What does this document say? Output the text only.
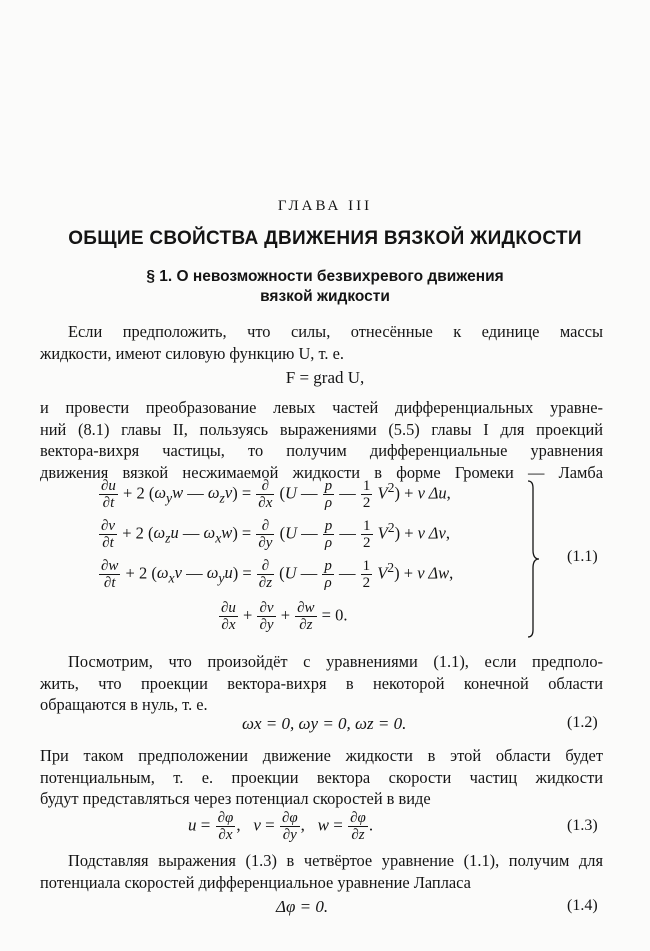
ГЛАВА III
ОБЩИЕ СВОЙСТВА ДВИЖЕНИЯ ВЯЗКОЙ ЖИДКОСТИ
§ 1. О невозможности безвихревого движения
вязкой жидкости
Если предположить, что силы, отнесённые к единице массы
жидкости, имеют силовую функцию U, т. е.
F = grad U,
и провести преобразование левых частей дифференциальных уравне-
ний (8.1) главы II, пользуясь выражениями (5.5) главы I для проекций
вектора-вихря частицы, то получим дифференциальные уравнения
движения вязкой несжимаемой жидкости в форме Громеки — Ламба
$\frac{\partial u}{\partial t} + 2$ ($\omega_yw$ — $\omega_zv) = \frac{\partial}{\partial x} (U$ — $\frac{p}{\rho}$ — $\frac{1}{2} V^2) + \nu$ Δu,
$\frac{\partial v}{\partial t} + 2$ ($\omega_zu$ — $\omega_xw) = \frac{\partial}{\partial y} (U$ — $\frac{p}{\rho}$ — $\frac{1}{2} V^2) + \nu$ Δv,
$\frac{\partial w}{\partial t} + 2$ ($\omega_xv$ — $\omega_yu) = \frac{\partial}{\partial z} (U$ — $\frac{p}{\rho}$ — $\frac{1}{2} V^2) + \nu$ Δw,
$\frac{\partial u}{\partial x} + \frac{\partial v}{\partial y} + \frac{\partial w}{\partial z} = 0$.
(1.1)
Посмотрим, что произойдёт с уравнениями (1.1), если предполо-
жить, что проекции вектора-вихря в некоторой конечной области
обращаются в нуль, т. е.
ωx = 0, ωy = 0, ωz = 0.	(1.2)
При таком предположении движение жидкости в этой области будет
потенциальным, т. е. проекции вектора скорости частиц жидкости
будут представляться через потенциал скоростей в виде
$u = \frac{\partial\varphi}{\partial x}$ ,   $v = \frac{\partial\varphi}{\partial y}$ ,   $w = \frac{\partial\varphi}{\partial z}$ .	(1.3)
Подставляя выражения (1.3) в четвёртое уравнение (1.1), получим для
потенциала скоростей дифференциальное уравнение Лапласа
Δφ = 0.	(1.4)
